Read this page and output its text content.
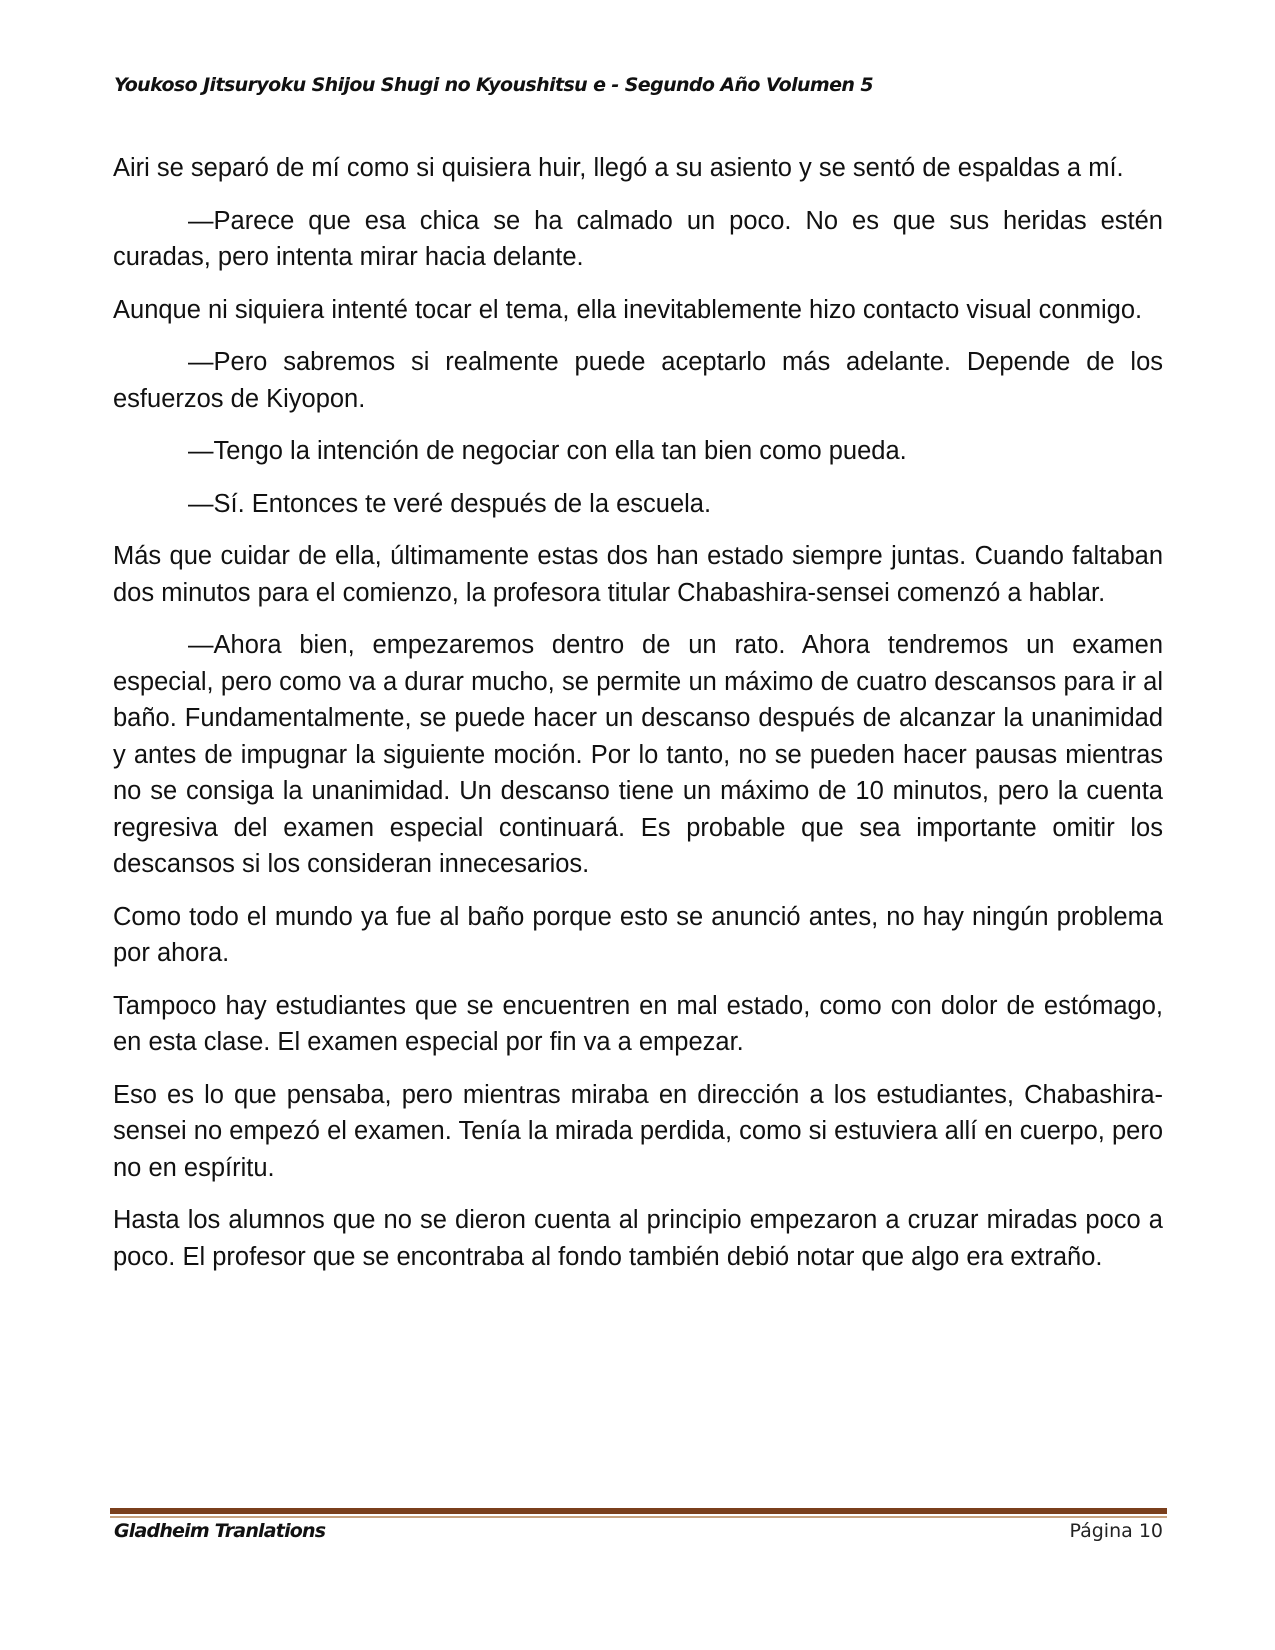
Youkoso Jitsuryoku Shijou Shugi no Kyoushitsu e - Segundo Año Volumen 5

Airi se separó de mí como si quisiera huir, llegó a su asiento y se sentó de espaldas a mí.

—Parece que esa chica se ha calmado un poco. No es que sus heridas estén curadas, pero intenta mirar hacia delante.

Aunque ni siquiera intenté tocar el tema, ella inevitablemente hizo contacto visual conmigo.

—Pero sabremos si realmente puede aceptarlo más adelante. Depende de los esfuerzos de Kiyopon.

—Tengo la intención de negociar con ella tan bien como pueda.

—Sí. Entonces te veré después de la escuela.

Más que cuidar de ella, últimamente estas dos han estado siempre juntas. Cuando faltaban dos minutos para el comienzo, la profesora titular Chabashira-sensei comenzó a hablar.

—Ahora bien, empezaremos dentro de un rato. Ahora tendremos un examen especial, pero como va a durar mucho, se permite un máximo de cuatro descansos para ir al baño. Fundamentalmente, se puede hacer un descanso después de alcanzar la unanimidad y antes de impugnar la siguiente moción. Por lo tanto, no se pueden hacer pausas mientras no se consiga la unanimidad. Un descanso tiene un máximo de 10 minutos, pero la cuenta regresiva del examen especial continuará. Es probable que sea importante omitir los descansos si los consideran innecesarios.

Como todo el mundo ya fue al baño porque esto se anunció antes, no hay ningún problema por ahora.

Tampoco hay estudiantes que se encuentren en mal estado, como con dolor de estómago, en esta clase. El examen especial por fin va a empezar.

Eso es lo que pensaba, pero mientras miraba en dirección a los estudiantes, Chabashira-sensei no empezó el examen. Tenía la mirada perdida, como si estuviera allí en cuerpo, pero no en espíritu.

Hasta los alumnos que no se dieron cuenta al principio empezaron a cruzar miradas poco a poco. El profesor que se encontraba al fondo también debió notar que algo era extraño.

Gladheim Tranlations	Página 10
